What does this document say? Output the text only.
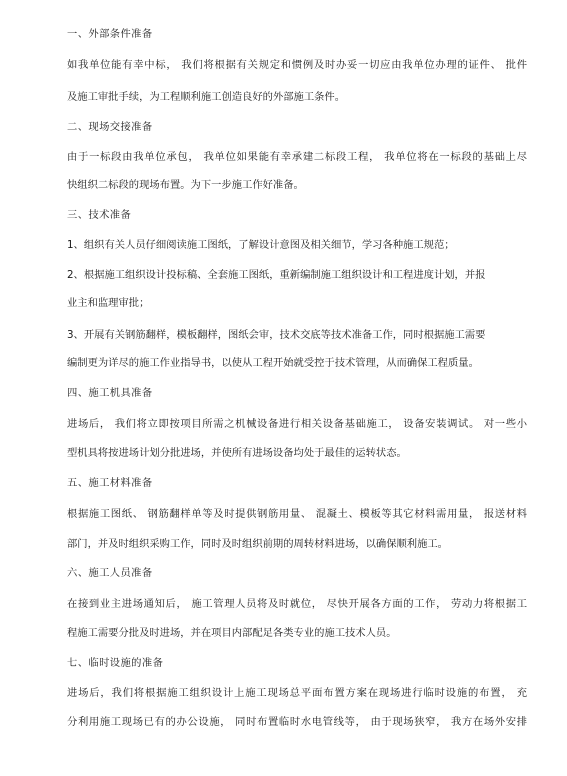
一、外部条件准备
如我单位能有幸中标， 我们将根据有关规定和惯例及时办妥一切应由我单位办理的证件、 批件
及施工审批手续，为工程顺利施工创造良好的外部施工条件。
二、现场交接准备
由于一标段由我单位承包， 我单位如果能有幸承建二标段工程， 我单位将在一标段的基础上尽
快组织二标段的现场布置。为下一步施工作好准备。
三、技术准备
1、组织有关人员仔细阅读施工图纸，了解设计意图及相关细节，学习各种施工规范；
2、根据施工组织设计投标稿、全套施工图纸，重新编制施工组织设计和工程进度计划，并报
业主和监理审批；
3、开展有关钢筋翻样，模板翻样，图纸会审，技术交底等技术准备工作，同时根据施工需要
编制更为详尽的施工作业指导书，以使从工程开始就受控于技术管理，从而确保工程质量。
四、施工机具准备
进场后， 我们将立即按项目所需之机械设备进行相关设备基础施工， 设备安装调试。 对一些小
型机具将按进场计划分批进场，并使所有进场设备均处于最佳的运转状态。
五、施工材料准备
根据施工图纸、 钢筋翻样单等及时提供钢筋用量、 混凝土、模板等其它材料需用量， 报送材料
部门，并及时组织采购工作，同时及时组织前期的周转材料进场，以确保顺利施工。
六、施工人员准备
在接到业主进场通知后， 施工管理人员将及时就位， 尽快开展各方面的工作， 劳动力将根据工
程施工需要分批及时进场，并在项目内部配足各类专业的施工技术人员。
七、临时设施的准备
进场后，我们将根据施工组织设计上施工现场总平面布置方案在现场进行临时设施的布置， 充
分利用施工现场已有的办公设施， 同时布置临时水电管线等， 由于现场狭窄， 我方在场外安排
